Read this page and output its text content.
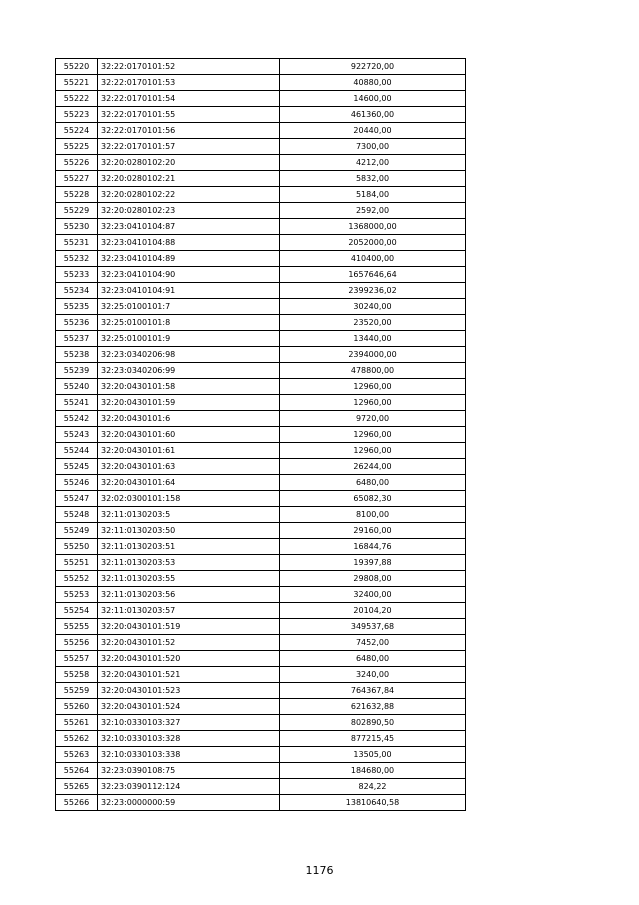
55220	32:22:0170101:52	922720,00
55221	32:22:0170101:53	40880,00
55222	32:22:0170101:54	14600,00
55223	32:22:0170101:55	461360,00
55224	32:22:0170101:56	20440,00
55225	32:22:0170101:57	7300,00
55226	32:20:0280102:20	4212,00
55227	32:20:0280102:21	5832,00
55228	32:20:0280102:22	5184,00
55229	32:20:0280102:23	2592,00
55230	32:23:0410104:87	1368000,00
55231	32:23:0410104:88	2052000,00
55232	32:23:0410104:89	410400,00
55233	32:23:0410104:90	1657646,64
55234	32:23:0410104:91	2399236,02
55235	32:25:0100101:7	30240,00
55236	32:25:0100101:8	23520,00
55237	32:25:0100101:9	13440,00
55238	32:23:0340206:98	2394000,00
55239	32:23:0340206:99	478800,00
55240	32:20:0430101:58	12960,00
55241	32:20:0430101:59	12960,00
55242	32:20:0430101:6	9720,00
55243	32:20:0430101:60	12960,00
55244	32:20:0430101:61	12960,00
55245	32:20:0430101:63	26244,00
55246	32:20:0430101:64	6480,00
55247	32:02:0300101:158	65082,30
55248	32:11:0130203:5	8100,00
55249	32:11:0130203:50	29160,00
55250	32:11:0130203:51	16844,76
55251	32:11:0130203:53	19397,88
55252	32:11:0130203:55	29808,00
55253	32:11:0130203:56	32400,00
55254	32:11:0130203:57	20104,20
55255	32:20:0430101:519	349537,68
55256	32:20:0430101:52	7452,00
55257	32:20:0430101:520	6480,00
55258	32:20:0430101:521	3240,00
55259	32:20:0430101:523	764367,84
55260	32:20:0430101:524	621632,88
55261	32:10:0330103:327	802890,50
55262	32:10:0330103:328	877215,45
55263	32:10:0330103:338	13505,00
55264	32:23:0390108:75	184680,00
55265	32:23:0390112:124	824,22
55266	32:23:0000000:59	13810640,58
1176
